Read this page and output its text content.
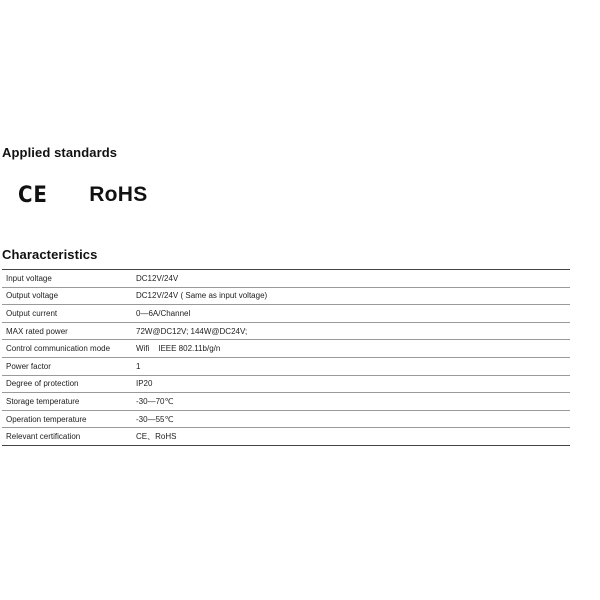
Applied standards
CE RoHS
Characteristics
Input voltage	DC12V/24V
Output voltage	DC12V/24V ( Same as input voltage)
Output current	0—6A/Channel
MAX rated power	72W@DC12V; 144W@DC24V;
Control communication mode	Wifi    IEEE 802.11b/g/n
Power factor	1
Degree of protection	IP20
Storage temperature	-30—70℃
Operation temperature	-30—55℃
Relevant certification	CE、RoHS
